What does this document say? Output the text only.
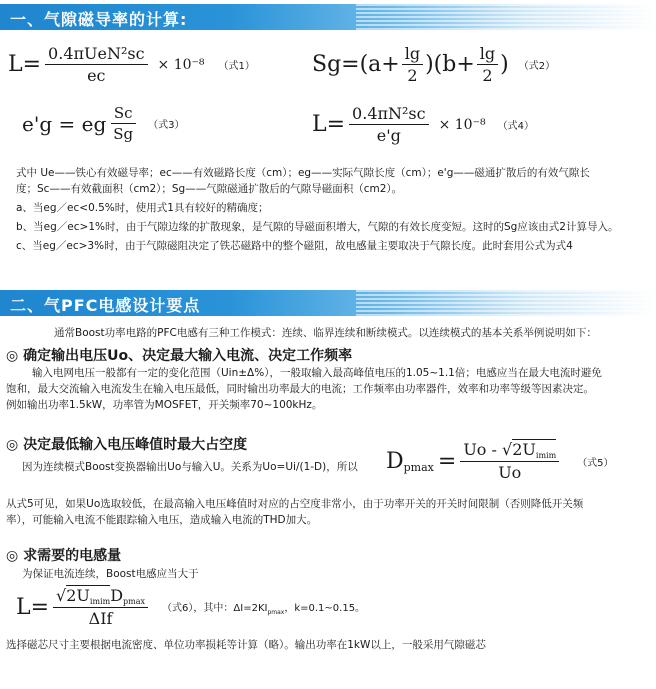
一、气隙磁导率的计算:
$L= \frac{\text{0.4πUeN²sc}}{ec} \times 10^{-8}$ （式1）	$Sg=(a+ \frac{\lg}{2} )(b+ \frac{\lg}{2}$ ) （式2）
e'g = eg $\frac{Sc}{Sg}$ （式3）	$L= \frac{\text{0.4πN²sc}}{e'g} \times 10^{-8}$ （式4）
式中 Ue——铁心有效磁导率；ec——有效磁路长度（cm）；eg——实际气隙长度（cm）；e'g——磁通扩散后的有效气隙长
度；Sc——有效截面积（cm2）；Sg——气隙磁通扩散后的气隙导磁面积（cm2）。
a、当eg／ec<0.5%时，使用式1具有较好的精确度；
b、当eg／ec>1%时，由于气隙边缘的扩散现象，是气隙的导磁面积增大，气隙的有效长度变短。这时的Sg应该由式2计算导入。
c、当eg／ec>3%时，由于气隙磁阻决定了铁芯磁路中的整个磁阻，故电感量主要取决于气隙长度。此时套用公式为式4
二、气PFC电感设计要点
通常Boost功率电路的PFC电感有三种工作模式：连续、临界连续和断续模式。以连续模式的基本关系举例说明如下：
◎ 确定输出电压Uo、决定最大输入电流、决定工作频率
输入电网电压一般都有一定的变化范围（Uin±Δ%），一般取输入最高峰值电压的1.05~1.1倍；电感应当在最大电流时避免
饱和，最大交流输入电流发生在输入电压最低，同时输出功率最大的电流；工作频率由功率器件，效率和功率等级等因素决定。
例如输出功率1.5kW，功率管为MOSFET，开关频率70~100kHz。
◎ 决定最低输入电压峰值时最大占空度
因为连续模式Boost变换器输出Uo与输入U。关系为Uo=Ui/(1-D)，所以 $D_{pmax} = \frac{Uo - √2U_{imim}}{Uo}$ （式5）
从式5可见，如果Uo选取较低，在最高输入电压峰值时对应的占空度非常小，由于功率开关的开关时间限制（否则降低开关频
率），可能输入电流不能跟踪输入电压，造成输入电流的THD加大。
◎ 求需要的电感量
为保证电流连续，Boost电感应当大于
$L= \frac{√2U_{imim}D_{pmax}}{\text{ΔIf}}$ （式6），其中：$\Delta I=2KI_{pmax}$，k=0.1~0.15。
选择磁芯尺寸主要根据电流密度、单位功率损耗等计算（略）。输出功率在1kW以上，一般采用气隙磁芯
